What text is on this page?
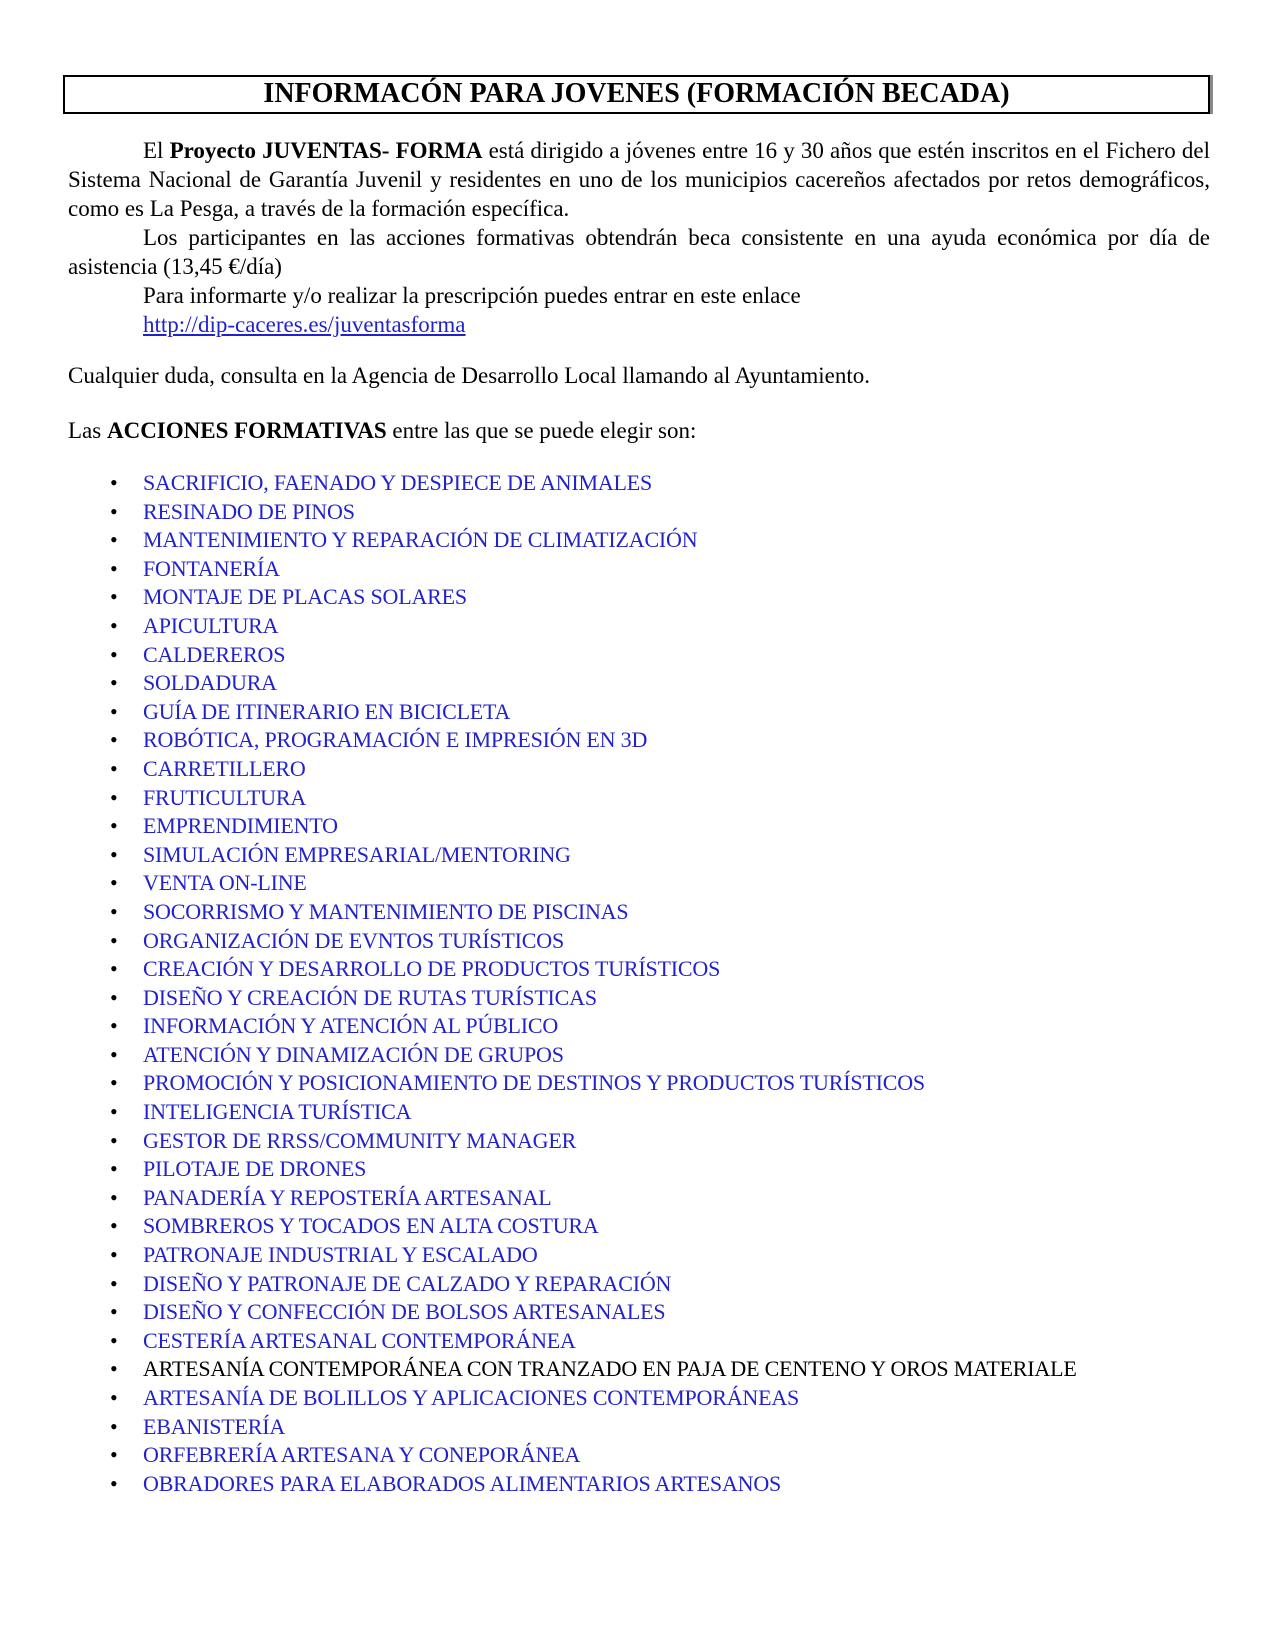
INFORMACÓN PARA JOVENES (FORMACIÓN BECADA)

El Proyecto JUVENTAS- FORMA está dirigido a jóvenes entre 16 y 30 años que estén inscritos en el Fichero del Sistema Nacional de Garantía Juvenil y residentes en uno de los municipios cacereños afectados por retos demográficos, como es La Pesga, a través de la formación específica.

Los participantes en las acciones formativas obtendrán beca consistente en una ayuda económica por día de asistencia (13,45 €/día)

Para informarte y/o realizar la prescripción puedes entrar en este enlace

http://dip-caceres.es/juventasforma

Cualquier duda, consulta en la Agencia de Desarrollo Local llamando al Ayuntamiento.

Las ACCIONES FORMATIVAS entre las que se puede elegir son:

• SACRIFICIO, FAENADO Y DESPIECE DE ANIMALES
• RESINADO DE PINOS
• MANTENIMIENTO Y REPARACIÓN DE CLIMATIZACIÓN
• FONTANERÍA
• MONTAJE DE PLACAS SOLARES
• APICULTURA
• CALDEREROS
• SOLDADURA
• GUÍA DE ITINERARIO EN BICICLETA
• ROBÓTICA, PROGRAMACIÓN E IMPRESIÓN EN 3D
• CARRETILLERO
• FRUTICULTURA
• EMPRENDIMIENTO
• SIMULACIÓN EMPRESARIAL/MENTORING
• VENTA ON-LINE
• SOCORRISMO Y MANTENIMIENTO DE PISCINAS
• ORGANIZACIÓN DE EVNTOS TURÍSTICOS
• CREACIÓN Y DESARROLLO DE PRODUCTOS TURÍSTICOS
• DISEÑO Y CREACIÓN DE RUTAS TURÍSTICAS
• INFORMACIÓN Y ATENCIÓN AL PÚBLICO
• ATENCIÓN Y DINAMIZACIÓN DE GRUPOS
• PROMOCIÓN Y POSICIONAMIENTO DE DESTINOS Y PRODUCTOS TURÍSTICOS
• INTELIGENCIA TURÍSTICA
• GESTOR DE RRSS/COMMUNITY MANAGER
• PILOTAJE DE DRONES
• PANADERÍA Y REPOSTERÍA ARTESANAL
• SOMBREROS Y TOCADOS EN ALTA COSTURA
• PATRONAJE INDUSTRIAL Y ESCALADO
• DISEÑO Y PATRONAJE DE CALZADO Y REPARACIÓN
• DISEÑO Y CONFECCIÓN DE BOLSOS ARTESANALES
• CESTERÍA ARTESANAL CONTEMPORÁNEA
• ARTESANÍA CONTEMPORÁNEA CON TRANZADO EN PAJA DE CENTENO Y OROS MATERIALE
• ARTESANÍA DE BOLILLOS Y APLICACIONES CONTEMPORÁNEAS
• EBANISTERÍA
• ORFEBRERÍA ARTESANA Y CONEPORÁNEA
• OBRADORES PARA ELABORADOS ALIMENTARIOS ARTESANOS
